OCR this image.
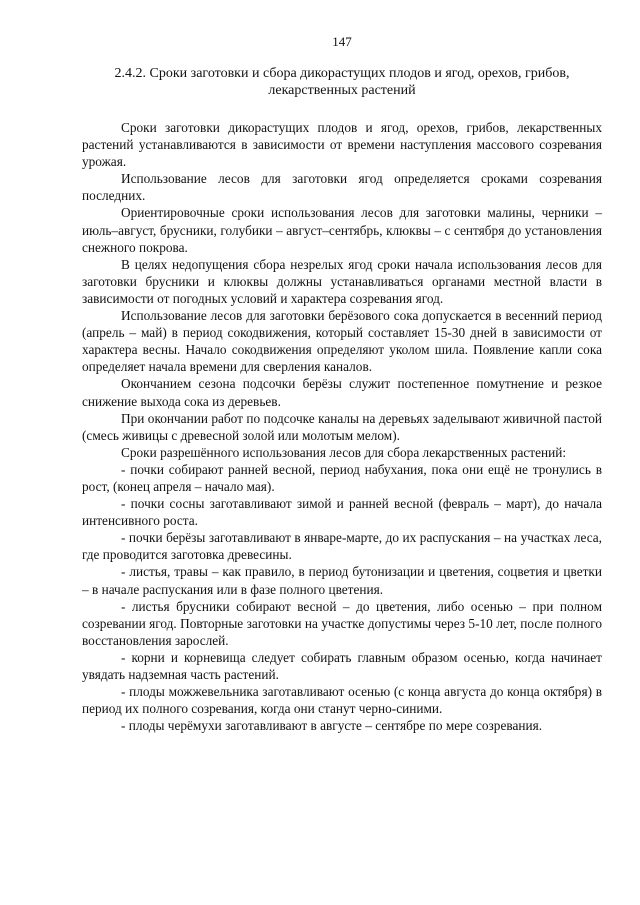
147
2.4.2. Сроки заготовки и сбора дикорастущих плодов и ягод, орехов, грибов, лекарственных растений

Сроки заготовки дикорастущих плодов и ягод, орехов, грибов, лекарственных растений устанавливаются в зависимости от времени наступления массового созревания урожая.

Использование лесов для заготовки ягод определяется сроками созревания последних.

Ориентировочные сроки использования лесов для заготовки малины, черники – июль–август, брусники, голубики – август–сентябрь, клюквы – с сентября до установления снежного покрова.

В целях недопущения сбора незрелых ягод сроки начала использования лесов для заготовки брусники и клюквы должны устанавливаться органами местной власти в зависимости от погодных условий и характера созревания ягод.

Использование лесов для заготовки берёзового сока допускается в весенний период (апрель – май) в период сокодвижения, который составляет 15-30 дней в зависимости от характера весны. Начало сокодвижения определяют уколом шила. Появление капли сока определяет начала времени для сверления каналов.

Окончанием сезона подсочки берёзы служит постепенное помутнение и резкое снижение выхода сока из деревьев.

При окончании работ по подсочке каналы на деревьях заделывают живичной пастой (смесь живицы с древесной золой или молотым мелом).

Сроки разрешённого использования лесов для сбора лекарственных растений:

- почки собирают ранней весной, период набухания, пока они ещё не тронулись в рост, (конец апреля – начало мая).

- почки сосны заготавливают зимой и ранней весной (февраль – март), до начала интенсивного роста.

- почки берёзы заготавливают в январе-марте, до их распускания – на участках леса, где проводится заготовка древесины.

- листья, травы – как правило, в период бутонизации и цветения, соцветия и цветки – в начале распускания или в фазе полного цветения.

- листья брусники собирают весной – до цветения, либо осенью – при полном созревании ягод. Повторные заготовки на участке допустимы через 5-10 лет, после полного восстановления зарослей.

- корни и корневища следует собирать главным образом осенью, когда начинает увядать надземная часть растений.

- плоды можжевельника заготавливают осенью (с конца августа до конца октября) в период их полного созревания, когда они станут черно-синими.

- плоды черёмухи заготавливают в августе – сентябре по мере созревания.
